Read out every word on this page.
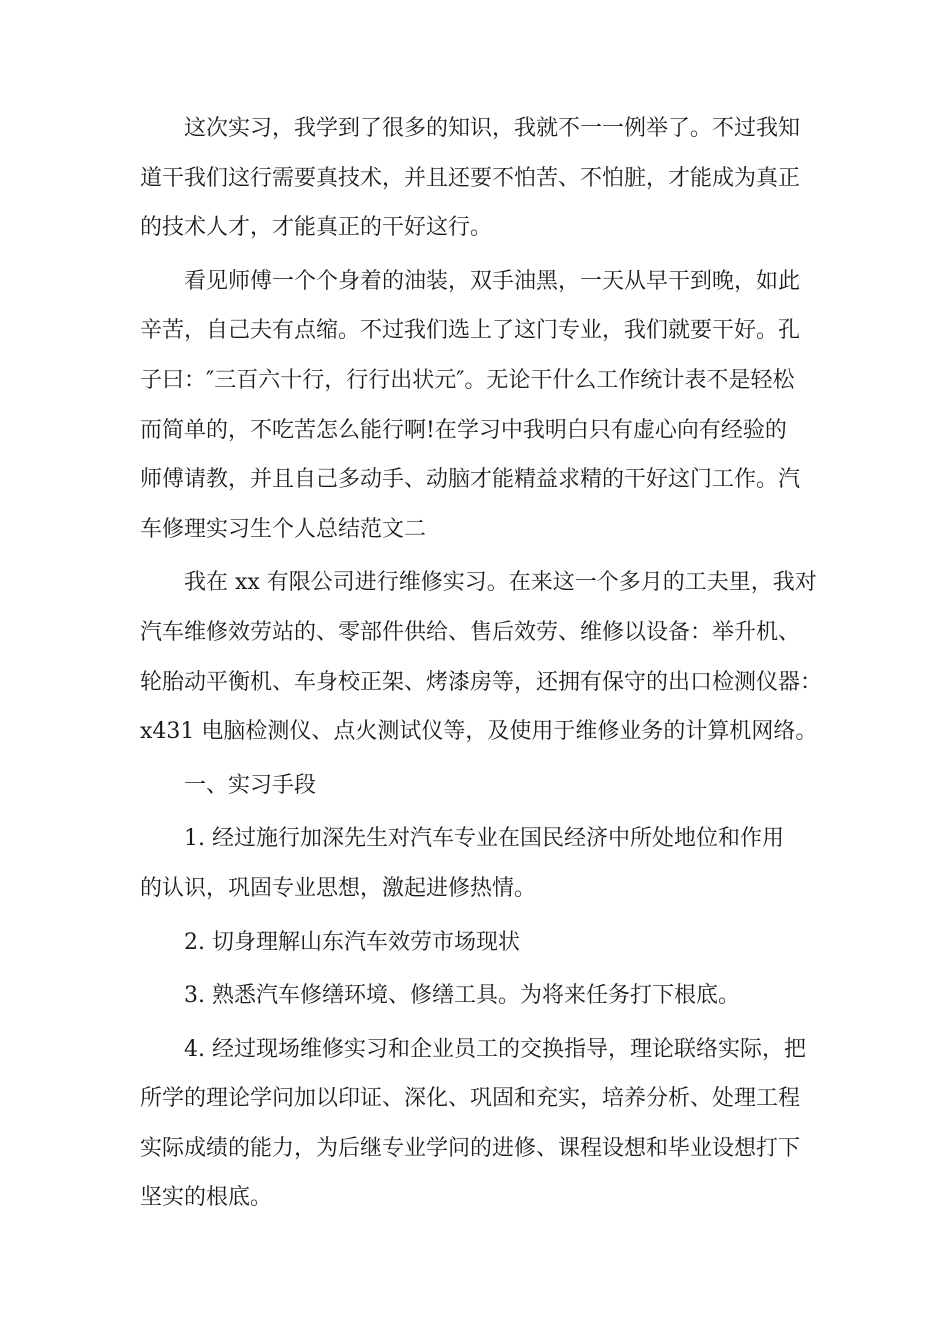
这次实习，我学到了很多的知识，我就不一一例举了。不过我知
道干我们这行需要真技术，并且还要不怕苦、不怕脏，才能成为真正
的技术人才，才能真正的干好这行。
看见师傅一个个身着的油装，双手油黑，一天从早干到晚，如此
辛苦，自己夫有点缩。不过我们选上了这门专业，我们就要干好。孔
子曰：″三百六十行，行行出状元″。无论干什么工作统计表不是轻松
而简单的，不吃苦怎么能行啊!在学习中我明白只有虚心向有经验的
师傅请教，并且自己多动手、动脑才能精益求精的干好这门工作。汽
车修理实习生个人总结范文二
我在 xx 有限公司进行维修实习。在来这一个多月的工夫里，我对
汽车维修效劳站的、零部件供给、售后效劳、维修以设备：举升机、
轮胎动平衡机、车身校正架、烤漆房等，还拥有保守的出口检测仪器：
x431 电脑检测仪、点火测试仪等，及使用于维修业务的计算机网络。
一、实习手段
1. 经过施行加深先生对汽车专业在国民经济中所处地位和作用
的认识，巩固专业思想，激起进修热情。
2. 切身理解山东汽车效劳市场现状
3. 熟悉汽车修缮环境、修缮工具。为将来任务打下根底。
4. 经过现场维修实习和企业员工的交换指导，理论联络实际，把
所学的理论学问加以印证、深化、巩固和充实，培养分析、处理工程
实际成绩的能力，为后继专业学问的进修、课程设想和毕业设想打下
坚实的根底。
